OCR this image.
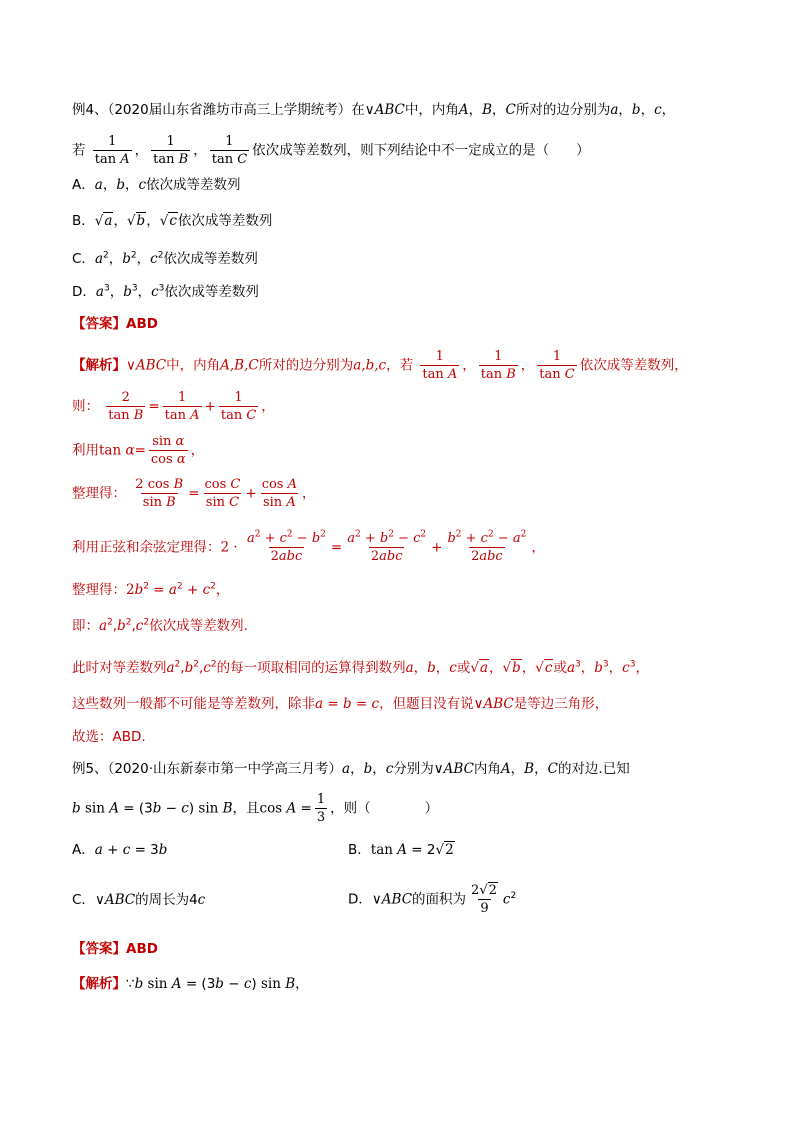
例4、（2020届山东省潍坊市高三上学期统考）在∨ABC中，内角A，B，C所对的边分别为a，b，c，
若 $\frac{1}{\text{tan A}}$ ， $\frac{1}{\text{tan B}}$ ， $\frac{1}{\text{tan C}}$ 依次成等差数列，则下列结论中不一定成立的是（　　）
A．a，b，c依次成等差数列
B．√a，√b，√c依次成等差数列
C．$a^2$，$b^2$，$c^2$依次成等差数列
D．$a^3$，$b^3$，$c^3$依次成等差数列
【答案】ABD
【解析】∨ABC中，内角A,B,C所对的边分别为a,b,c，若 $\frac{1}{\text{tan A}}$ ， $\frac{1}{\text{tan B}}$ ， $\frac{1}{\text{tan C}}$ 依次成等差数列，
则： $\frac{2}{\text{tan B}} = \frac{1}{\text{tan A}} + \frac{1}{\text{tan C}}$ ，
利用$\tan \alpha= \frac{\text{sin α}}{\text{cos α}}$ ，
整理得： $\frac{\text{2 cos B}}{\text{sin B}} = \frac{\text{cos C}}{\text{sin C}} + \frac{\text{cos A}}{\text{sin A}}$ ，
利用正弦和余弦定理得：$2 \cdot \frac{a^2 + c^2 - b^2}{\text{2abc}} = \frac{a^2 + b^2 - c^2}{\text{2abc}} + \frac{b^2 + c^2 - a^2}{\text{2abc}}$ ，
整理得：$2b^2 = a^2 + c^2$，
即：$a^2,b^2,c^2$依次成等差数列.
此时对等差数列$a^2,b^2,c^2$的每一项取相同的运算得到数列a，b，c或√a，√b，√c或$a^3$，$b^3$，$c^3$，
这些数列一般都不可能是等差数列，除非a = b = c，但题目没有说∨ABC是等边三角形，
故选：ABD.
例5、（2020·山东新泰市第一中学高三月考）a，b，c分别为∨ABC内角A，B，C的对边.已知
b sin A = (3b − c) sin B，且$\cos A = \frac{1}{3}$ ，则（　　　　）
A．a + c = 3b	B．tan A = 2√2
C．∨ABC的周长为4c	D．∨ABC的面积为 $\frac{2√2}{9} c^2$
【答案】ABD
【解析】∵b sin A = (3b − c) sin B，
